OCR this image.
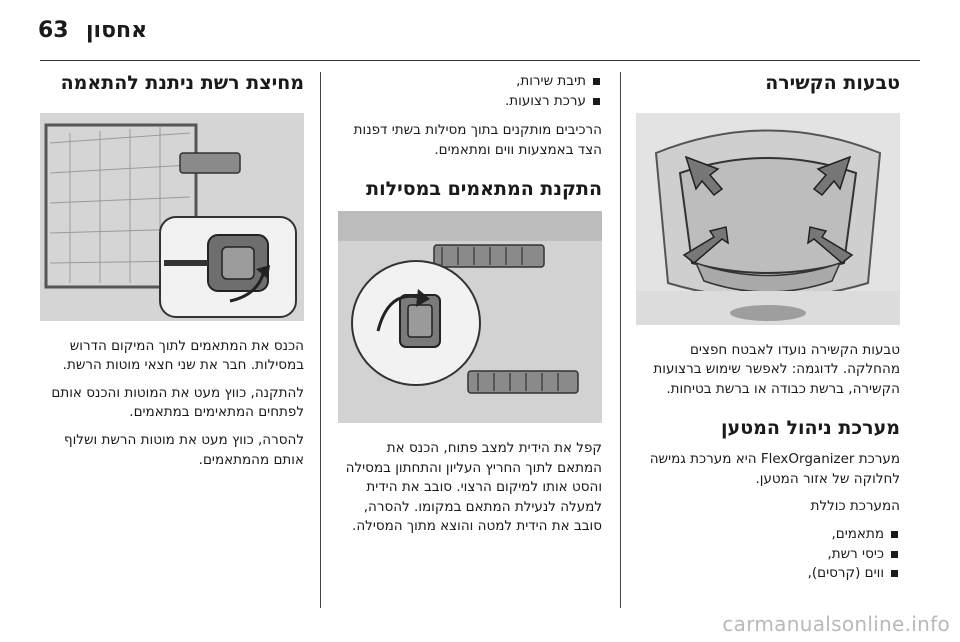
63 אחסון
טבעות הקשירה

טבעות הקשירה נועדו לאבטח חפצים מהחלקה. לדוגמה: לאפשר שימוש ברצועות הקשירה, ברשת כבודה או ברשת בטיחות.

מערכת ניהול המטען

מערכת FlexOrganizer היא מערכת גמישה לחלוקה של אזור המטען.

המערכת כוללת

מתאמים,
כיסי רשת,
ווים (קרסים),
תיבת שירות,
ערכת רצועות.

הרכיבים מותקנים בתוך מסילות בשתי דפנות הצד באמצעות ווים ומתאמים.

התקנת המתאמים במסילות

קפל את הידית למצב פתוח, הכנס את המתאם לתוך החריץ העליון והתחתון במסילה והסט אותו למיקום הרצוי. סובב את הידית למעלה לנעילת המתאם במקומו. להסרה, סובב את הידית למטה והוצא מתוך המסילה.

מחיצת רשת ניתנת להתאמה

הכנס את המתאמים לתוך המיקום הדרוש במסילות. חבר את שני חצאי מוטות הרשת.

להתקנה, כווץ מעט את המוטות והכנס אותם לפתחים המתאימים במתאמים.

להסרה, כווץ מעט את מוטות הרשת ושלוף אותם מהמתאמים.

carmanualsonline.info
